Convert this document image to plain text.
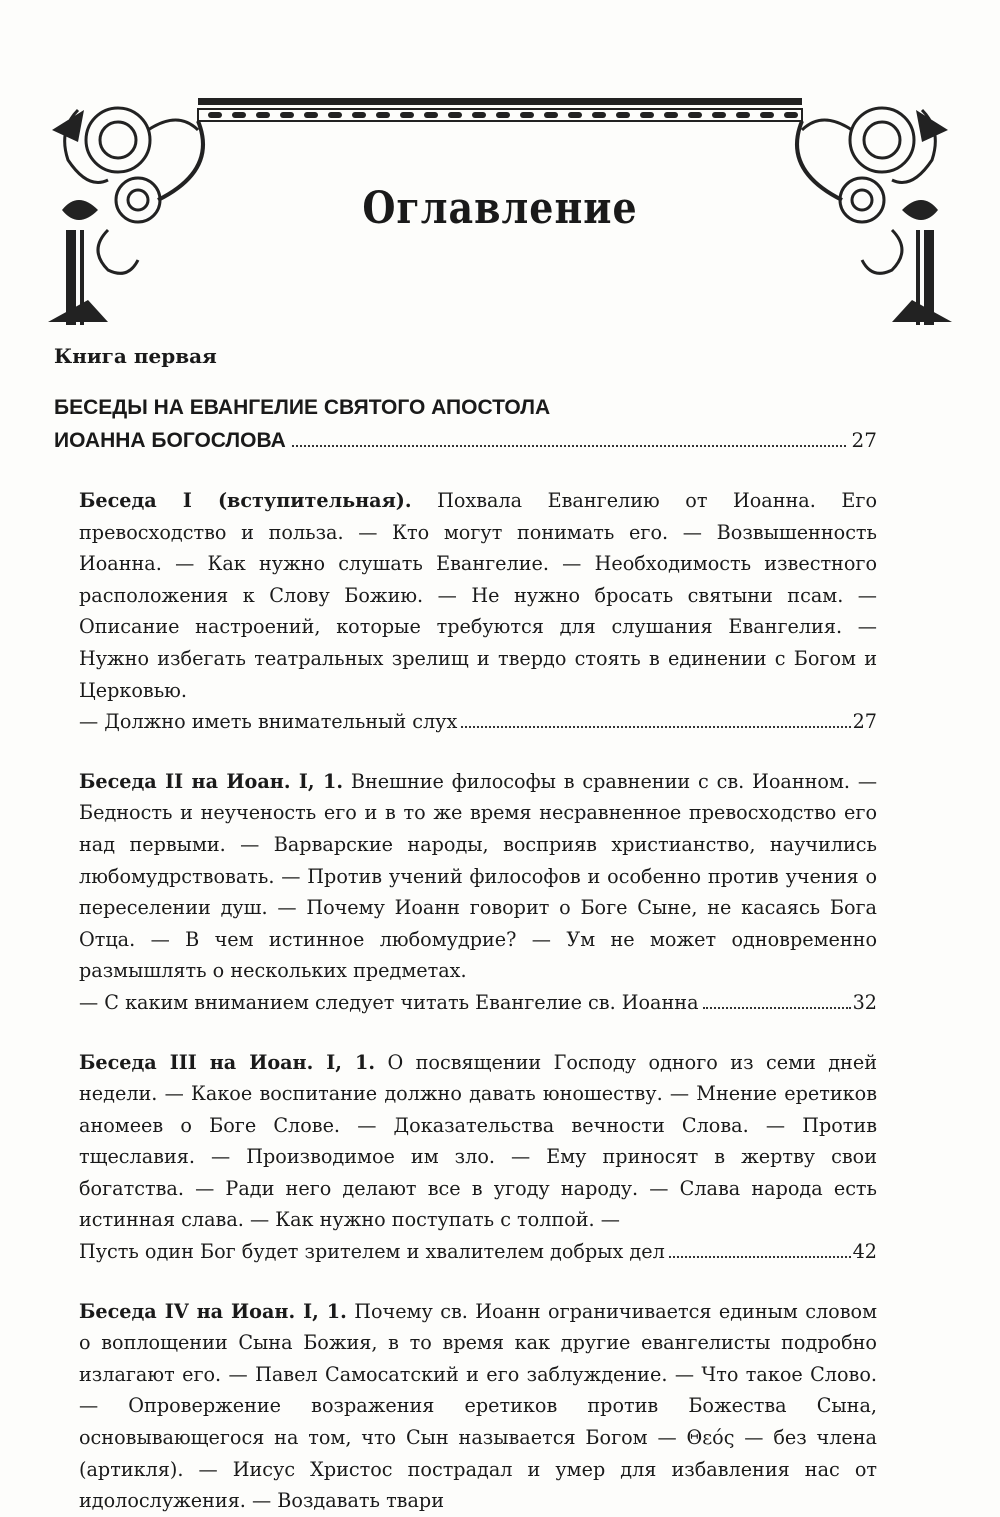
Оглавление
Книга первая
БЕСЕДЫ НА ЕВАНГЕЛИЕ СВЯТОГО АПОСТОЛА
ИОАННА БОГОСЛОВА	27
Беседа I (вступительная). Похвала Евангелию от Иоанна. Его превосходство и польза. — Кто могут понимать его. — Возвышенность Иоанна. — Как нужно слушать Евангелие. — Необходимость известного расположения к Слову Божию. — Не нужно бросать святыни псам. — Описание настроений, которые требуются для слушания Евангелия. — Нужно избегать театральных зрелищ и твердо стоять в единении с Богом и Церковью.
— Должно иметь внимательный слух	27
Беседа II на Иоан. I, 1. Внешние философы в сравнении с св. Иоанном. — Бедность и неученость его и в то же время несравненное превосходство его над первыми. — Варварские народы, восприяв христианство, научились любомудрствовать. — Против учений философов и особенно против учения о переселении душ. — Почему Иоанн говорит о Боге Сыне, не касаясь Бога Отца. — В чем истинное любомудрие? — Ум не может одновременно размышлять о нескольких предметах.
— С каким вниманием следует читать Евангелие св. Иоанна	32
Беседа III на Иоан. I, 1. О посвящении Господу одного из семи дней недели. — Какое воспитание должно давать юношеству. — Мнение еретиков аномеев о Боге Слове. — Доказательства вечности Слова. — Против тщеславия. — Производимое им зло. — Ему приносят в жертву свои богатства. — Ради него делают все в угоду народу. — Слава народа есть истинная слава. — Как нужно поступать с толпой. —
Пусть один Бог будет зрителем и хвалителем добрых дел	42
Беседа IV на Иоан. I, 1. Почему св. Иоанн ограничивается единым словом о воплощении Сына Божия, в то время как другие евангелисты подробно излагают его. — Павел Самосатский и его заблуждение. — Что такое Слово. — Опровержение возражения еретиков против Божества Сына, основывающегося на том, что Сын называется Богом — Θεός — без члена (артикля). — Иисус Христос пострадал и умер для избавления нас от идолослужения. — Воздавать твари
